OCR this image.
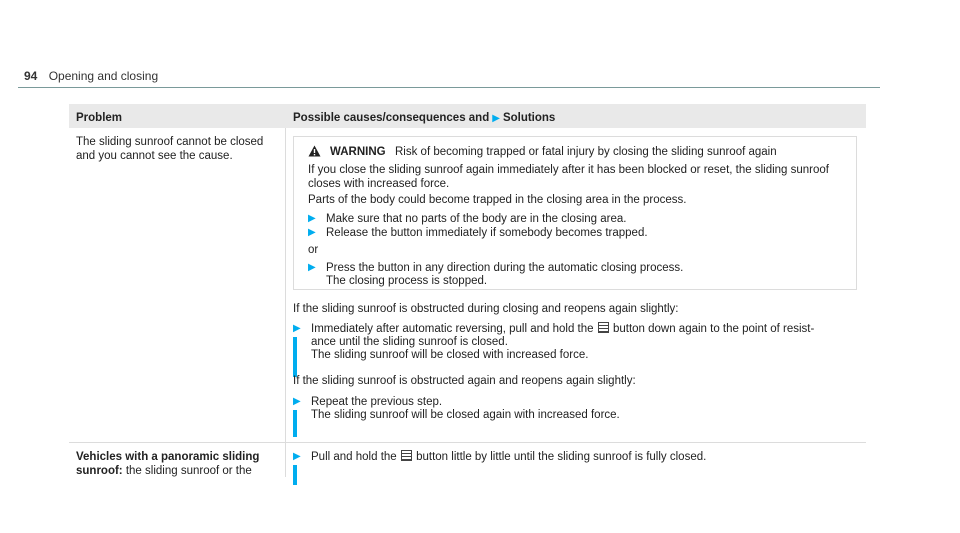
94 Opening and closing
Problem	Possible causes/consequences and ▶ Solutions
The sliding sunroof cannot be closed
and you cannot see the cause.	WARNING Risk of becoming trapped or fatal injury by closing the sliding sunroof again
If you close the sliding sunroof again immediately after it has been blocked or reset, the sliding sunroof
closes with increased force.
Parts of the body could become trapped in the closing area in the process.
▶ Make sure that no parts of the body are in the closing area.
▶ Release the button immediately if somebody becomes trapped.
or
▶ Press the button in any direction during the automatic closing process.
The closing process is stopped.
If the sliding sunroof is obstructed during closing and reopens again slightly:
▶ Immediately after automatic reversing, pull and hold the button down again to the point of resist-
ance until the sliding sunroof is closed.
The sliding sunroof will be closed with increased force.
If the sliding sunroof is obstructed again and reopens again slightly:
▶ Repeat the previous step.
The sliding sunroof will be closed again with increased force.
Vehicles with a panoramic sliding
sunroof: the sliding sunroof or the
▶ Pull and hold the button little by little until the sliding sunroof is fully closed.
